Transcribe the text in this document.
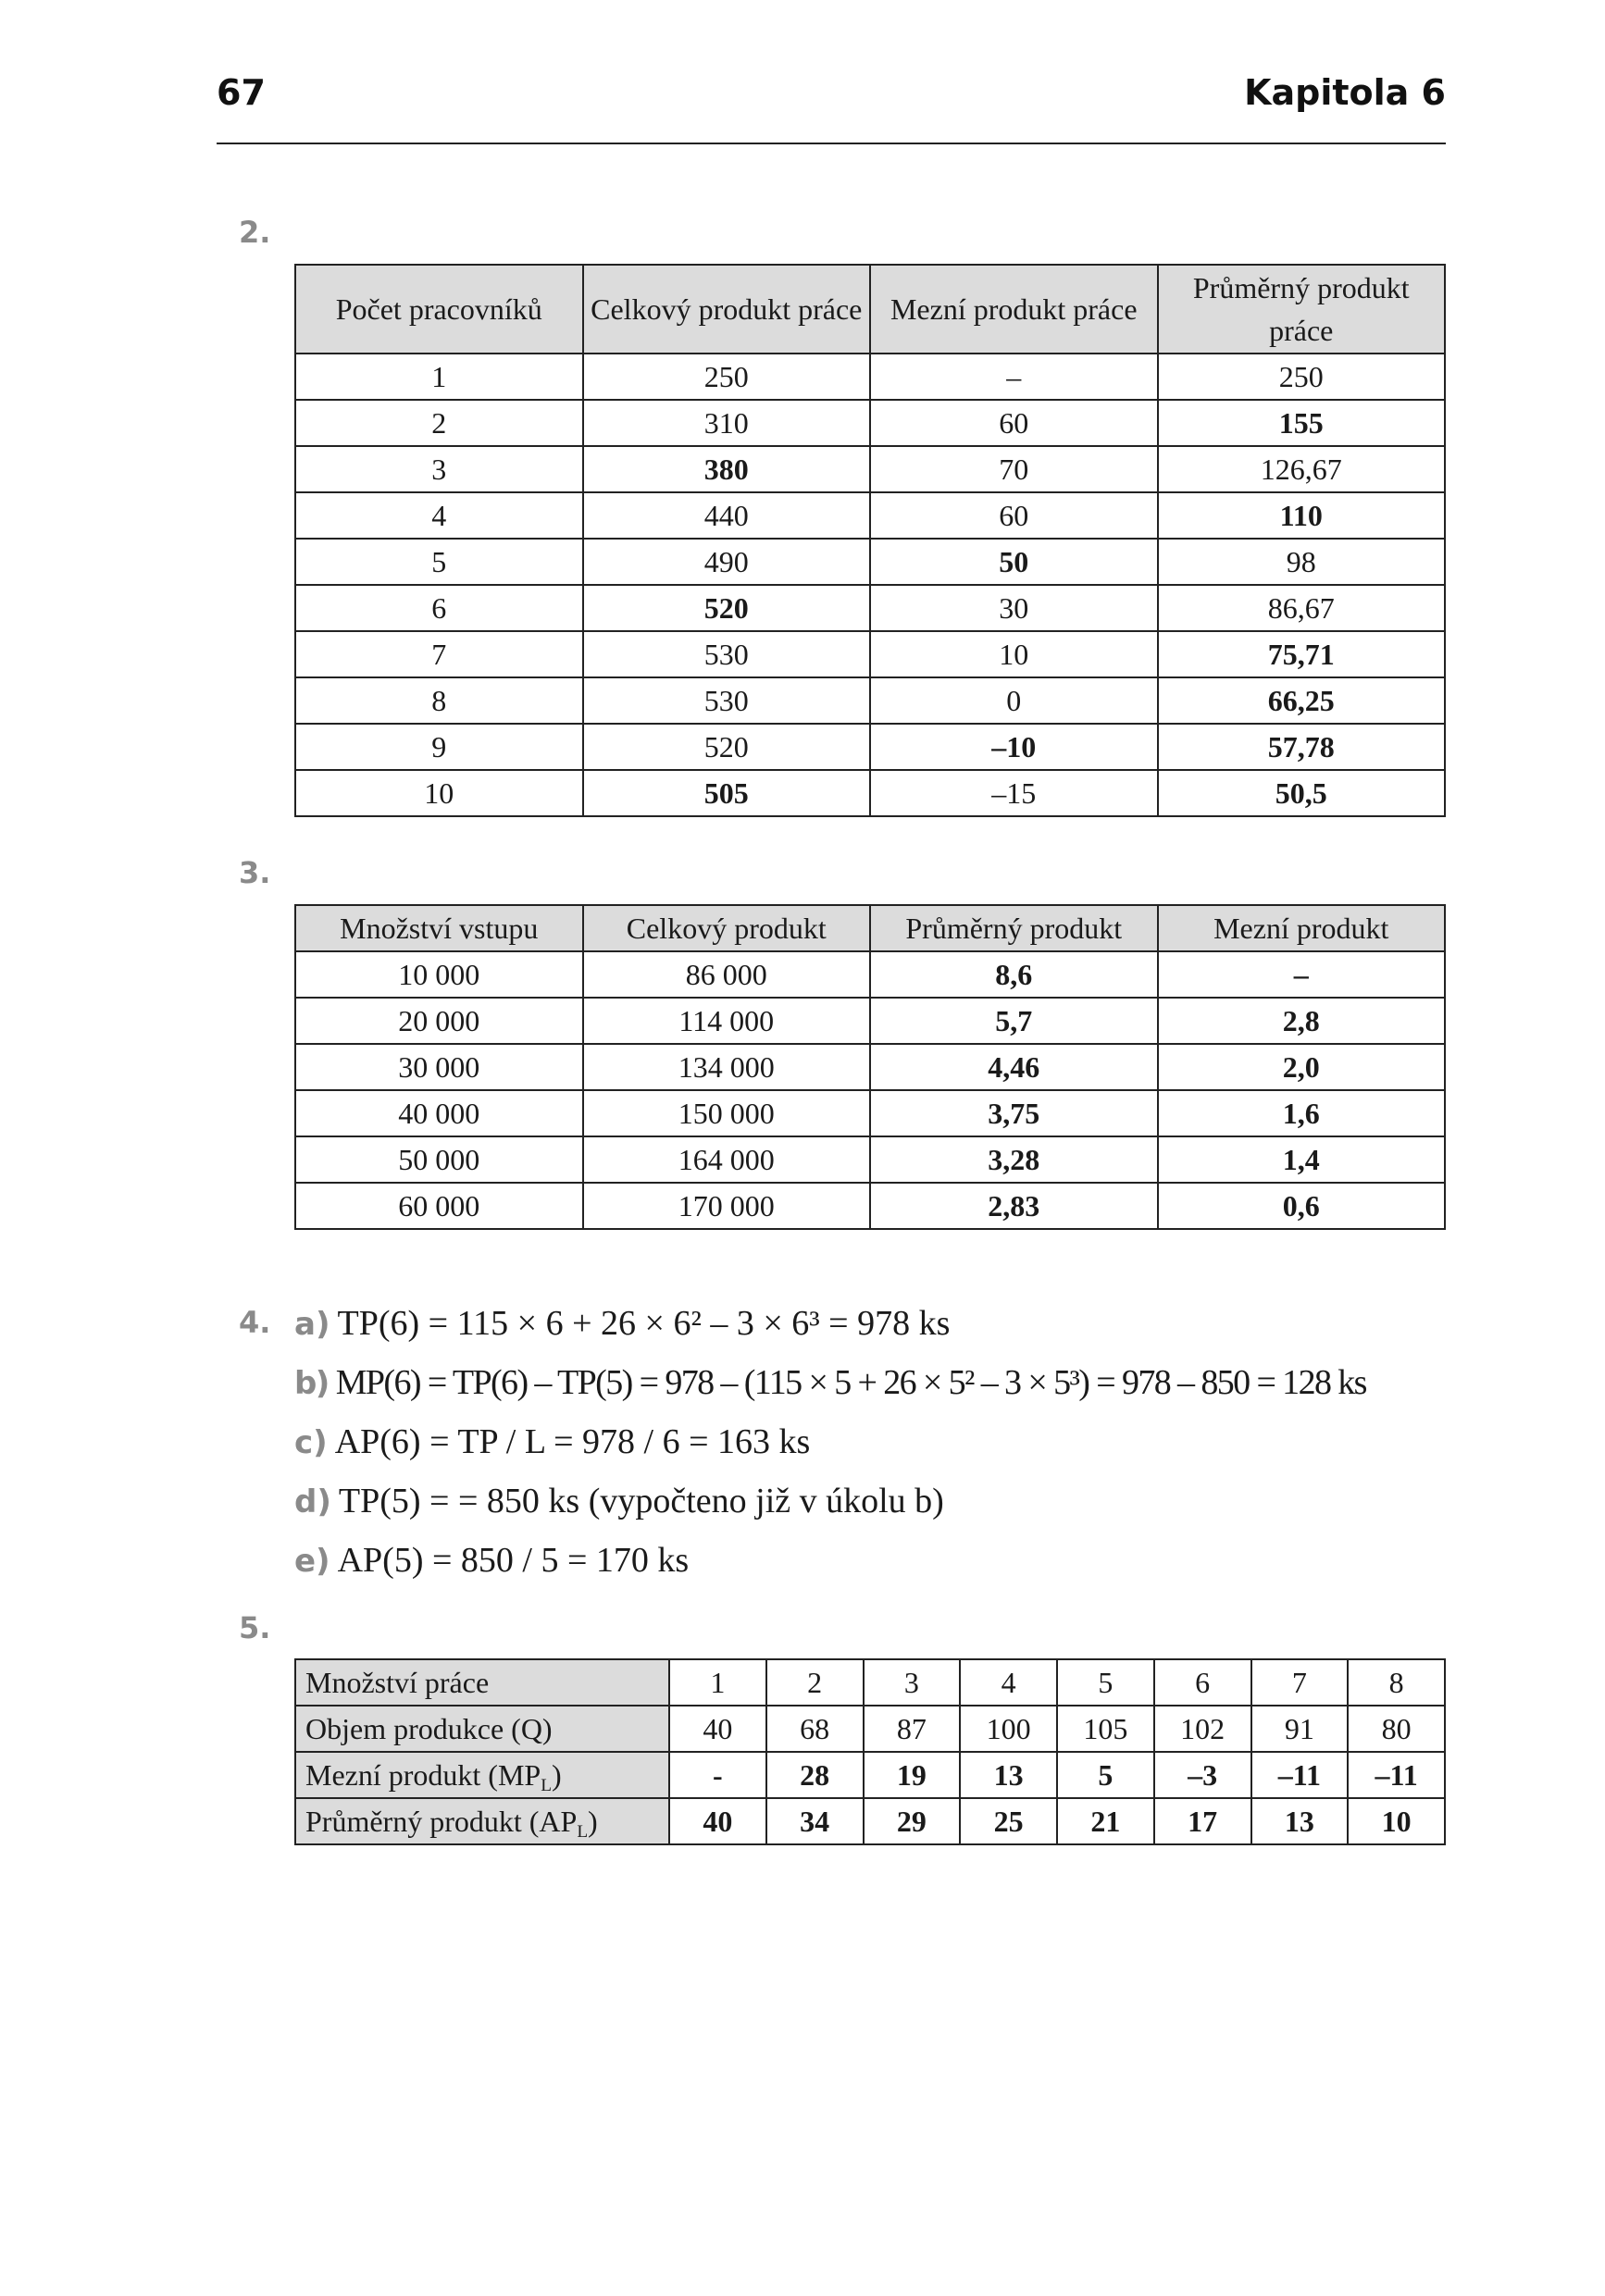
67	Kapitola 6
2.
Počet pracovníků	Celkový produkt práce	Mezní produkt práce	Průměrný produkt práce
1	250	–	250
2	310	60	155
3	380	70	126,67
4	440	60	110
5	490	50	98
6	520	30	86,67
7	530	10	75,71
8	530	0	66,25
9	520	–10	57,78
10	505	–15	50,5
3.
Množství vstupu	Celkový produkt	Průměrný produkt	Mezní produkt
10 000	86 000	8,6	–
20 000	114 000	5,7	2,8
30 000	134 000	4,46	2,0
40 000	150 000	3,75	1,6
50 000	164 000	3,28	1,4
60 000	170 000	2,83	0,6
4. a) TP(6) = 115 × 6 + 26 × 6² – 3 × 6³ = 978 ks
b) MP(6) = TP(6) – TP(5) = 978 – (115 × 5 + 26 × 5² – 3 × 5³) = 978 – 850 = 128 ks
c) AP(6) = TP / L = 978 / 6 = 163 ks
d) TP(5) = = 850 ks (vypočteno již v úkolu b)
e) AP(5) = 850 / 5 = 170 ks
5.
Množství práce	1	2	3	4	5	6	7	8
Objem produkce (Q)	40	68	87	100	105	102	91	80
Mezní produkt $(MP_L)$	-	28	19	13	5	–3	–11	–11
Průměrný produkt $(AP_L)$	40	34	29	25	21	17	13	10
